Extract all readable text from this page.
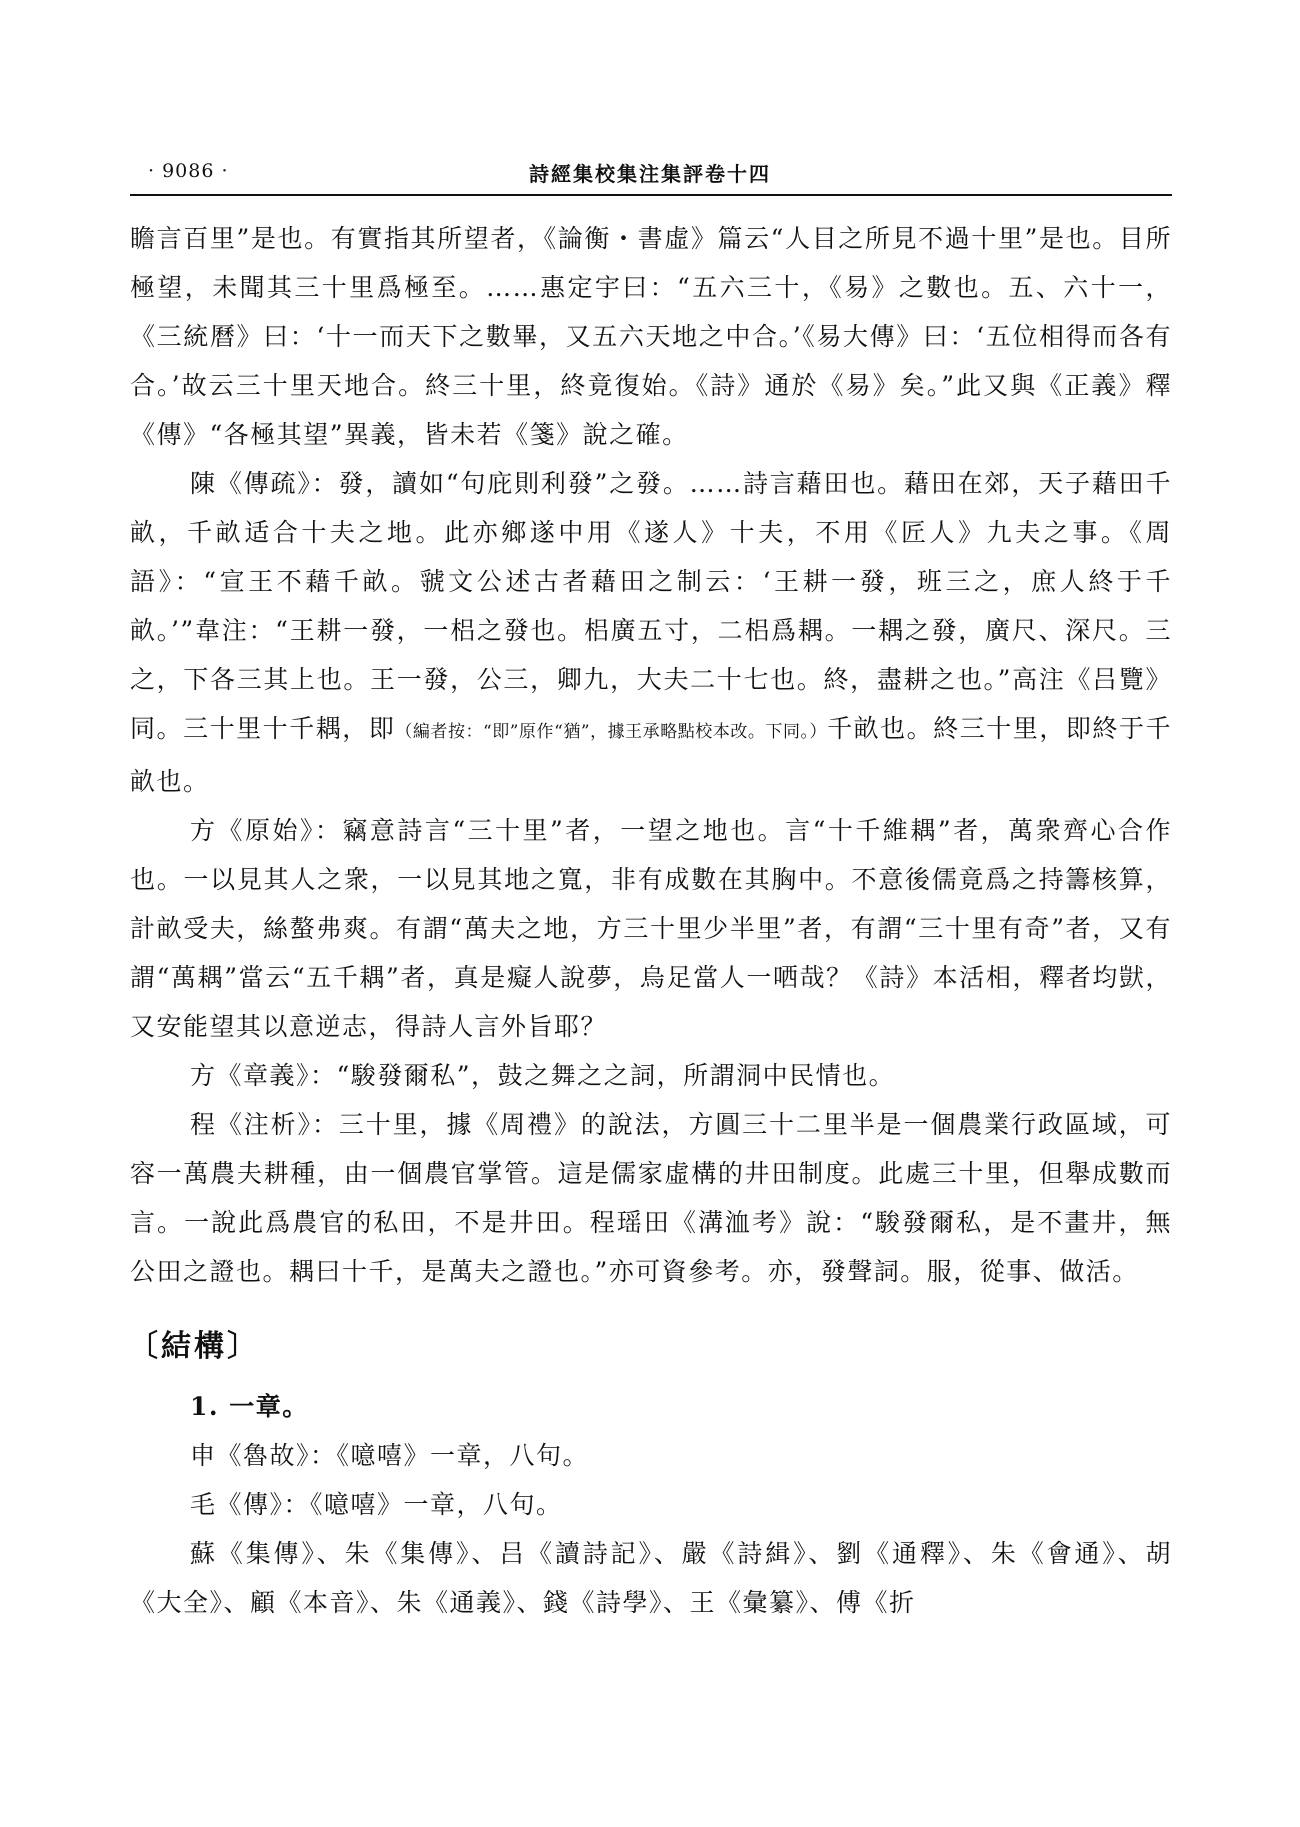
· 9086 ·	詩經集校集注集評卷十四

瞻言百里”是也。有實指其所望者，《論衡・書虛》篇云“人目之所見不過十里”是也。目所極望，未聞其三十里爲極至。……惠定宇曰：“五六三十，《易》之數也。五、六十一，《三統曆》曰：‘十一而天下之數畢，又五六天地之中合。’《易大傳》曰：‘五位相得而各有合。’故云三十里天地合。終三十里，終竟復始。《詩》通於《易》矣。”此又與《正義》釋《傳》“各極其望”異義，皆未若《箋》說之確。

陳《傳疏》：發，讀如“句庇則利發”之發。……詩言藉田也。藉田在郊，天子藉田千畝，千畝适合十夫之地。此亦鄉遂中用《遂人》十夫，不用《匠人》九夫之事。《周語》：“宣王不藉千畝。虢文公述古者藉田之制云：‘王耕一發，班三之，庶人終于千畝。’”韋注：“王耕一發，一梠之發也。梠廣五寸，二梠爲耦。一耦之發，廣尺、深尺。三之，下各三其上也。王一發，公三，卿九，大夫二十七也。終，盡耕之也。”高注《吕覽》同。三十里十千耦，即（編者按：“即”原作“猶”，據王承略點校本改。下同。）千畝也。終三十里，即終于千畝也。

方《原始》：竊意詩言“三十里”者，一望之地也。言“十千維耦”者，萬衆齊心合作也。一以見其人之衆，一以見其地之寬，非有成數在其胸中。不意後儒竟爲之持籌核算，計畝受夫，絲螯弗爽。有謂“萬夫之地，方三十里少半里”者，有謂“三十里有奇”者，又有謂“萬耦”當云“五千耦”者，真是癡人說夢，烏足當人一哂哉？《詩》本活相，釋者均獃，又安能望其以意逆志，得詩人言外旨耶？

方《章義》：“駿發爾私”，鼓之舞之之詞，所謂洞中民情也。

程《注析》：三十里，據《周禮》的說法，方圓三十二里半是一個農業行政區域，可容一萬農夫耕種，由一個農官掌管。這是儒家虛構的井田制度。此處三十里，但舉成數而言。一說此爲農官的私田，不是井田。程瑶田《溝洫考》說：“駿發爾私，是不畫井，無公田之證也。耦曰十千，是萬夫之證也。”亦可資參考。亦，發聲詞。服，從事、做活。

〔結構〕

1. 一章。

申《魯故》：《噫嘻》一章，八句。

毛《傳》：《噫嘻》一章，八句。

蘇《集傳》、朱《集傳》、吕《讀詩記》、嚴《詩緝》、劉《通釋》、朱《會通》、胡《大全》、顧《本音》、朱《通義》、錢《詩學》、王《彙纂》、傅《折
